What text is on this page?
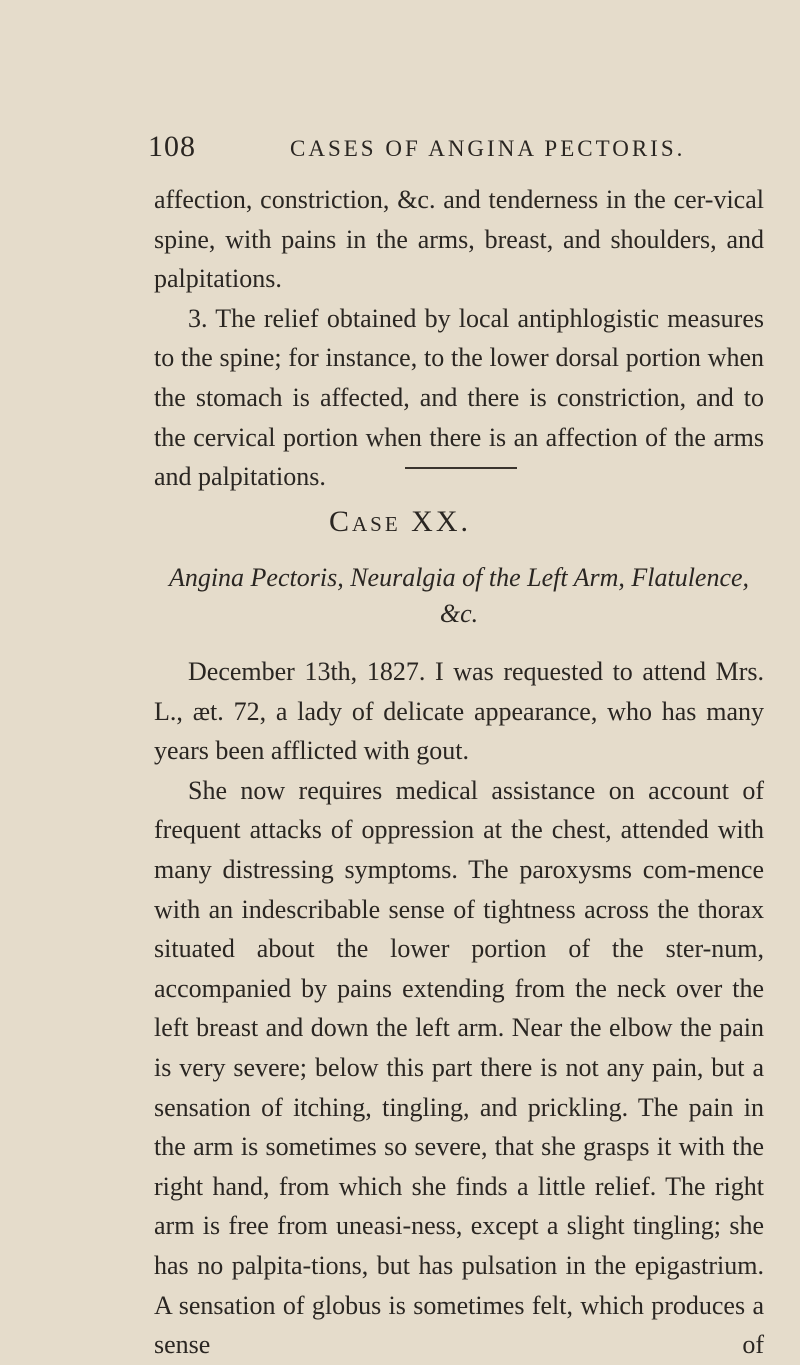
108	CASES OF ANGINA PECTORIS.

affection, constriction, &c. and tenderness in the cer-vical spine, with pains in the arms, breast, and shoulders, and palpitations.

3. The relief obtained by local antiphlogistic measures to the spine; for instance, to the lower dorsal portion when the stomach is affected, and there is constriction, and to the cervical portion when there is an affection of the arms and palpitations.

Case XX.
Angina Pectoris, Neuralgia of the Left Arm, Flatulence, &c.

December 13th, 1827. I was requested to attend Mrs. L., æt. 72, a lady of delicate appearance, who has many years been afflicted with gout.

She now requires medical assistance on account of frequent attacks of oppression at the chest, attended with many distressing symptoms. The paroxysms com-mence with an indescribable sense of tightness across the thorax situated about the lower portion of the ster-num, accompanied by pains extending from the neck over the left breast and down the left arm. Near the elbow the pain is very severe; below this part there is not any pain, but a sensation of itching, tingling, and prickling. The pain in the arm is sometimes so severe, that she grasps it with the right hand, from which she finds a little relief. The right arm is free from uneasi-ness, except a slight tingling; she has no palpita-tions, but has pulsation in the epigastrium. A sensation of globus is sometimes felt, which produces a sense of
